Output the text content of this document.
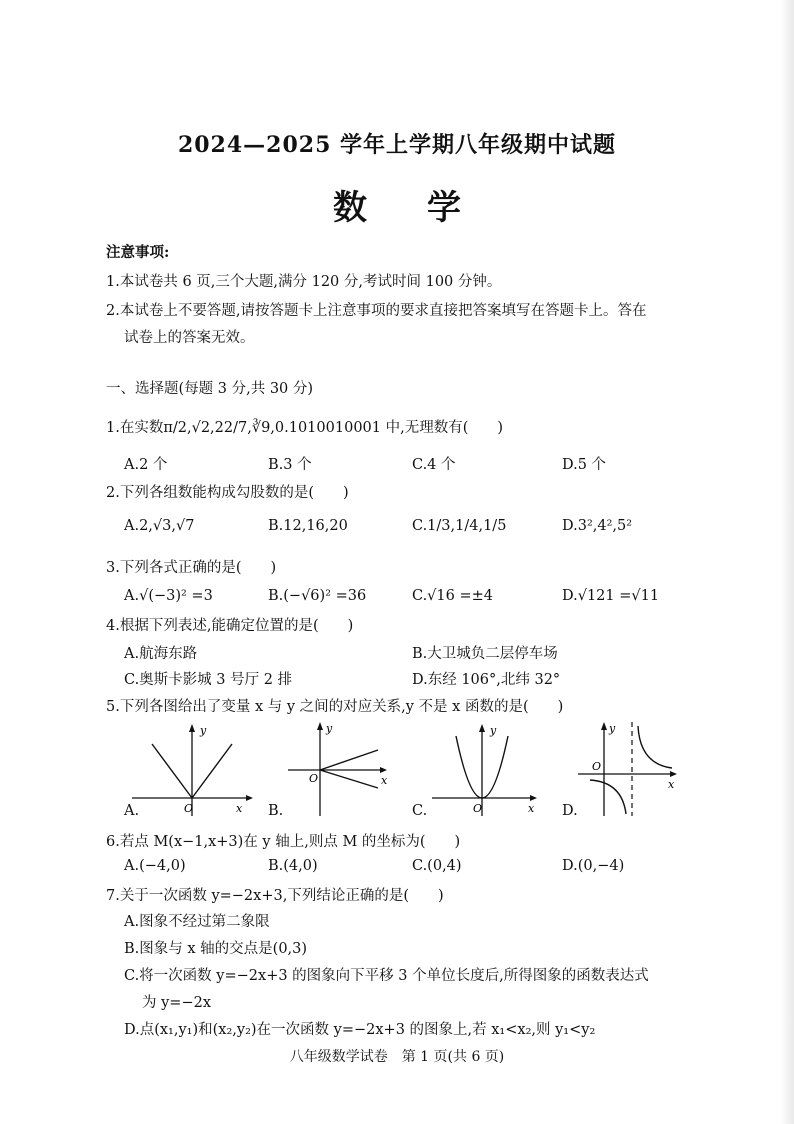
2024—2025 学年上学期八年级期中试题
数学
注意事项:
1.本试卷共 6 页,三个大题,满分 120 分,考试时间 100 分钟。
2.本试卷上不要答题,请按答题卡上注意事项的要求直接把答案填写在答题卡上。答在
试卷上的答案无效。
一、选择题(每题 3 分,共 30 分)
1.在实数π/2,√2,22/7,∛9,0.1010010001 中,无理数有(　　)
A.2 个	B.3 个	C.4 个	D.5 个
2.下列各组数能构成勾股数的是(　　)
A.2,√3,√7	B.12,16,20	C.1/3,1/4,1/5	D.3²,4²,5²
3.下列各式正确的是(　　)
A.√(−3)² =3	B.(−√6)² =36	C.√16 =±4	D.√121 =√11
4.根据下列表述,能确定位置的是(　　)
A.航海东路	B.大卫城负二层停车场
C.奥斯卡影城 3 号厅 2 排	D.东经 106°,北纬 32°
5.下列各图给出了变量 x 与 y 之间的对应关系,y 不是 x 函数的是(　　)
y
x
O
A.
y
x
O
B.
y
x
O
C.
y
x
O
D.
6.若点 M(x−1,x+3)在 y 轴上,则点 M 的坐标为(　　)
A.(−4,0)	B.(4,0)	C.(0,4)	D.(0,−4)
7.关于一次函数 y=−2x+3,下列结论正确的是(　　)
A.图象不经过第二象限
B.图象与 x 轴的交点是(0,3)
C.将一次函数 y=−2x+3 的图象向下平移 3 个单位长度后,所得图象的函数表达式
为 y=−2x
D.点(x₁,y₁)和(x₂,y₂)在一次函数 y=−2x+3 的图象上,若 x₁<x₂,则 y₁<y₂
八年级数学试卷　第 1 页(共 6 页)
